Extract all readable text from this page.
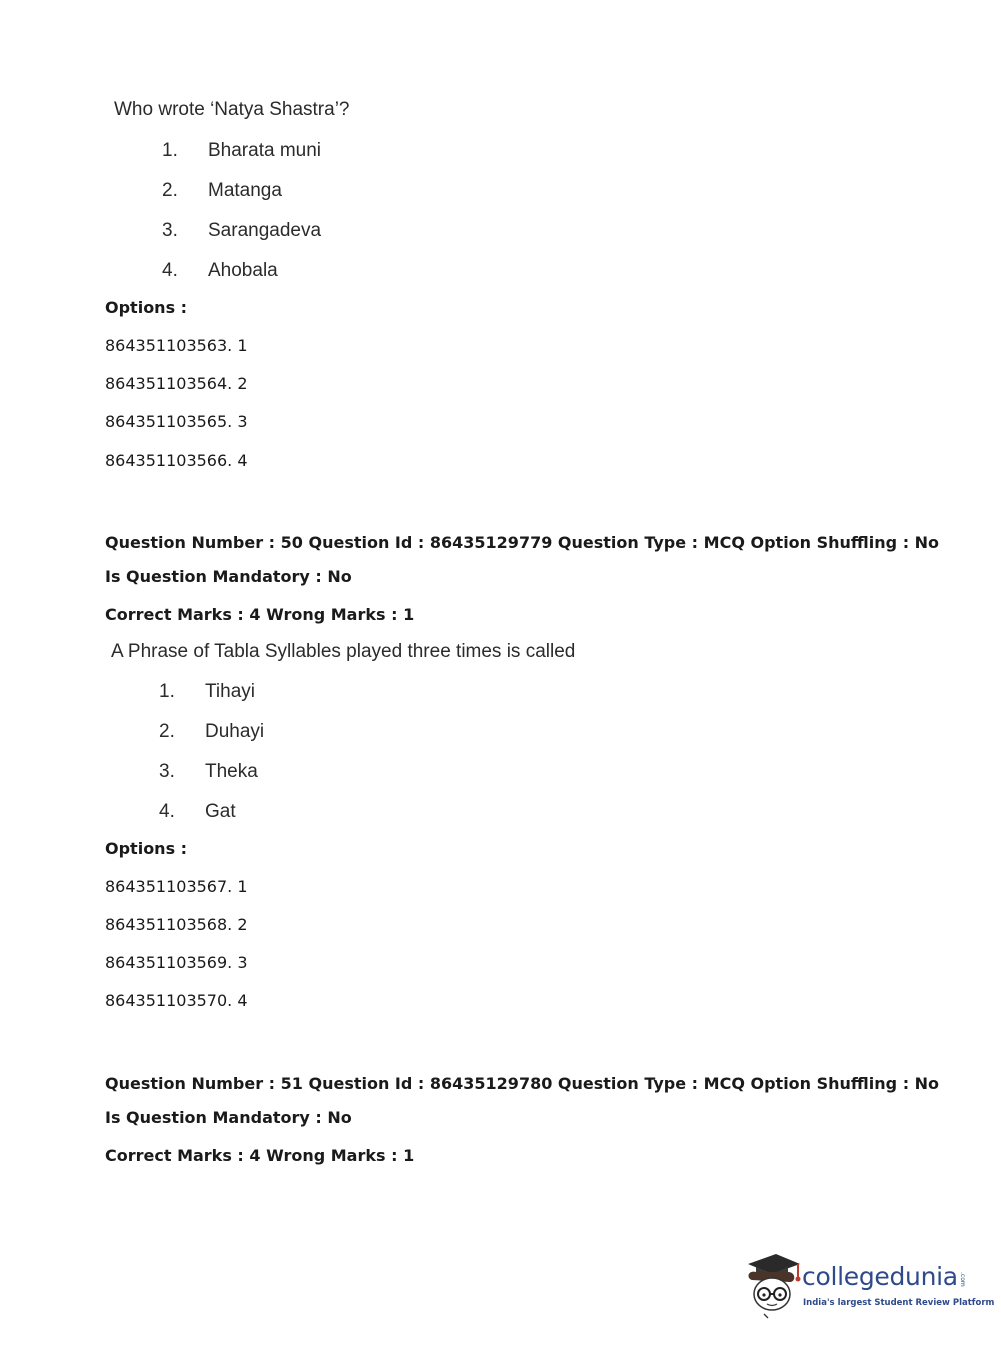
Who wrote ‘Natya Shastra’?
1. Bharata muni
2. Matanga
3. Sarangadeva
4. Ahobala
Options :
864351103563. 1
864351103564. 2
864351103565. 3
864351103566. 4
Question Number : 50 Question Id : 86435129779 Question Type : MCQ Option Shuffling : No
Is Question Mandatory : No
Correct Marks : 4 Wrong Marks : 1
A Phrase of Tabla Syllables played three times is called
1. Tihayi
2. Duhayi
3. Theka
4. Gat
Options :
864351103567. 1
864351103568. 2
864351103569. 3
864351103570. 4
Question Number : 51 Question Id : 86435129780 Question Type : MCQ Option Shuffling : No
Is Question Mandatory : No
Correct Marks : 4 Wrong Marks : 1
collegedunia .com
India's largest Student Review Platform
